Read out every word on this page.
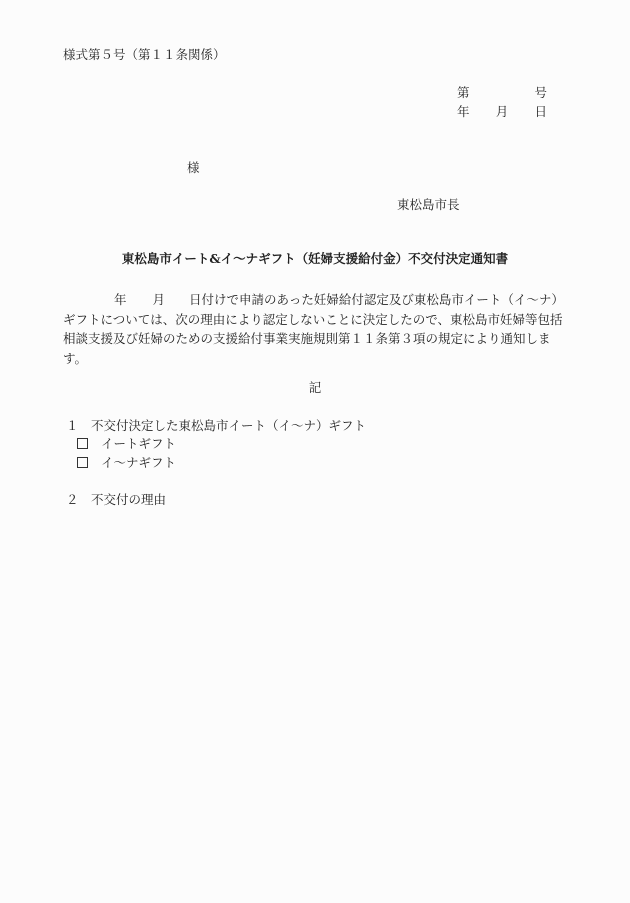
様式第５号（第１１条関係）
第	号
年 月 日
様
東松島市長
東松島市イート&イ〜ナギフト（妊婦支援給付金）不交付決定通知書
年 月 日付けで申請のあった妊婦給付認定及び東松島市イート（イ〜ナ）
ギフトについては、次の理由により認定しないことに決定したので、東松島市妊婦等包括
相談支援及び妊婦のための支援給付事業実施規則第１１条第３項の規定により通知しま
す。
記
１ 不交付決定した東松島市イート（イ〜ナ）ギフト
イートギフト
イ〜ナギフト
２ 不交付の理由
